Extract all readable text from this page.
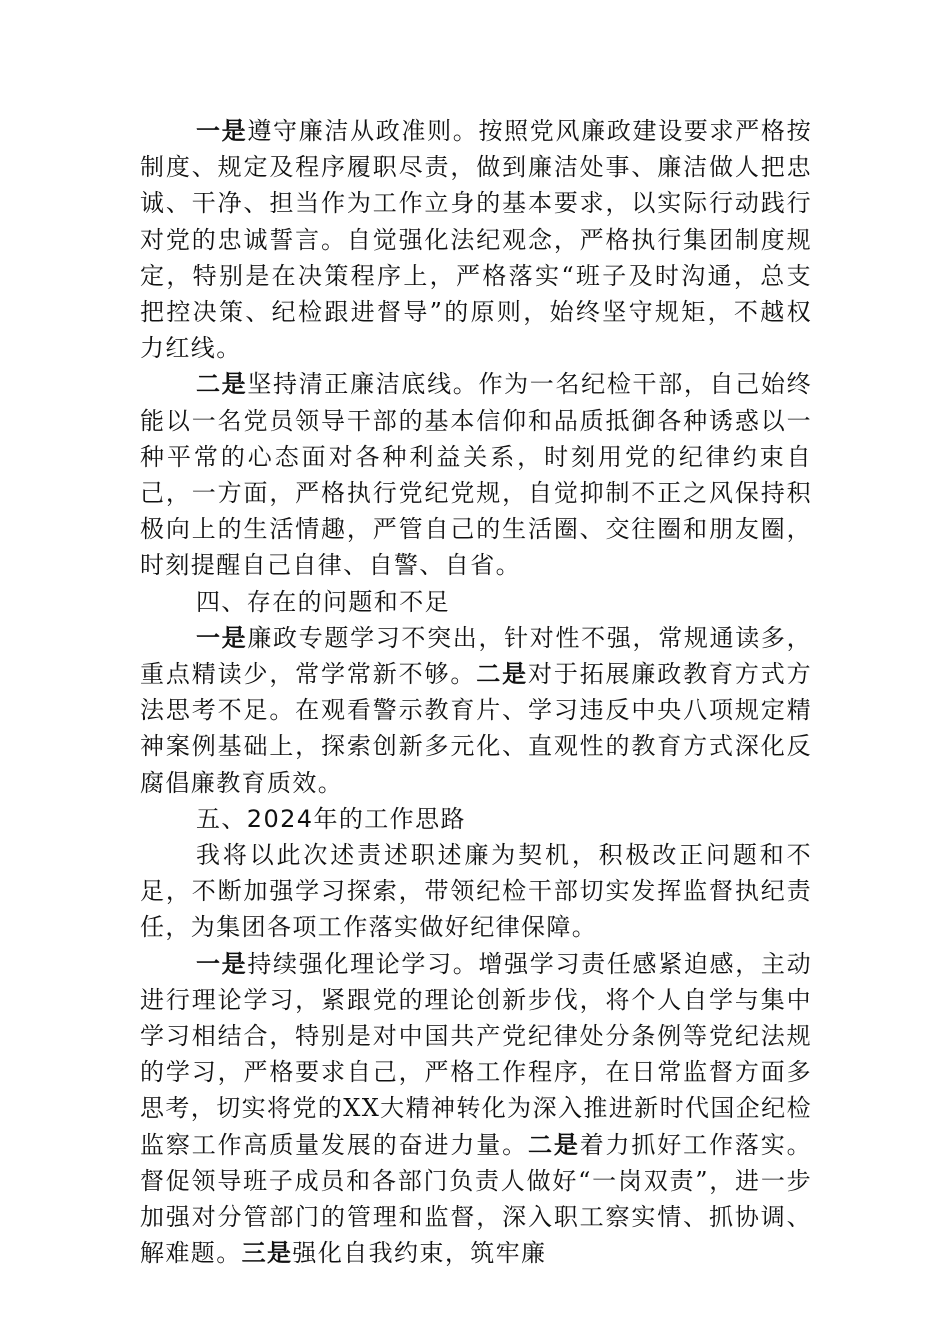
一是遵守廉洁从政准则。按照党风廉政建设要求严格按制度、规定及程序履职尽责，做到廉洁处事、廉洁做人把忠诚、干净、担当作为工作立身的基本要求，以实际行动践行对党的忠诚誓言。自觉强化法纪观念，严格执行集团制度规定，特别是在决策程序上，严格落实“班子及时沟通，总支把控决策、纪检跟进督导”的原则，始终坚守规矩，不越权力红线。

二是坚持清正廉洁底线。作为一名纪检干部，自己始终能以一名党员领导干部的基本信仰和品质抵御各种诱惑以一种平常的心态面对各种利益关系，时刻用党的纪律约束自己，一方面，严格执行党纪党规，自觉抑制不正之风保持积极向上的生活情趣，严管自己的生活圈、交往圈和朋友圈，时刻提醒自己自律、自警、自省。

四、存在的问题和不足

一是廉政专题学习不突出，针对性不强，常规通读多，重点精读少，常学常新不够。二是对于拓展廉政教育方式方法思考不足。在观看警示教育片、学习违反中央八项规定精神案例基础上，探索创新多元化、直观性的教育方式深化反腐倡廉教育质效。

五、2024年的工作思路

我将以此次述责述职述廉为契机，积极改正问题和不足，不断加强学习探索，带领纪检干部切实发挥监督执纪责任，为集团各项工作落实做好纪律保障。

一是持续强化理论学习。增强学习责任感紧迫感，主动进行理论学习，紧跟党的理论创新步伐，将个人自学与集中学习相结合，特别是对中国共产党纪律处分条例等党纪法规的学习，严格要求自己，严格工作程序，在日常监督方面多思考，切实将党的XX大精神转化为深入推进新时代国企纪检监察工作高质量发展的奋进力量。二是着力抓好工作落实。督促领导班子成员和各部门负责人做好“一岗双责”，进一步加强对分管部门的管理和监督，深入职工察实情、抓协调、解难题。三是强化自我约束，筑牢廉
